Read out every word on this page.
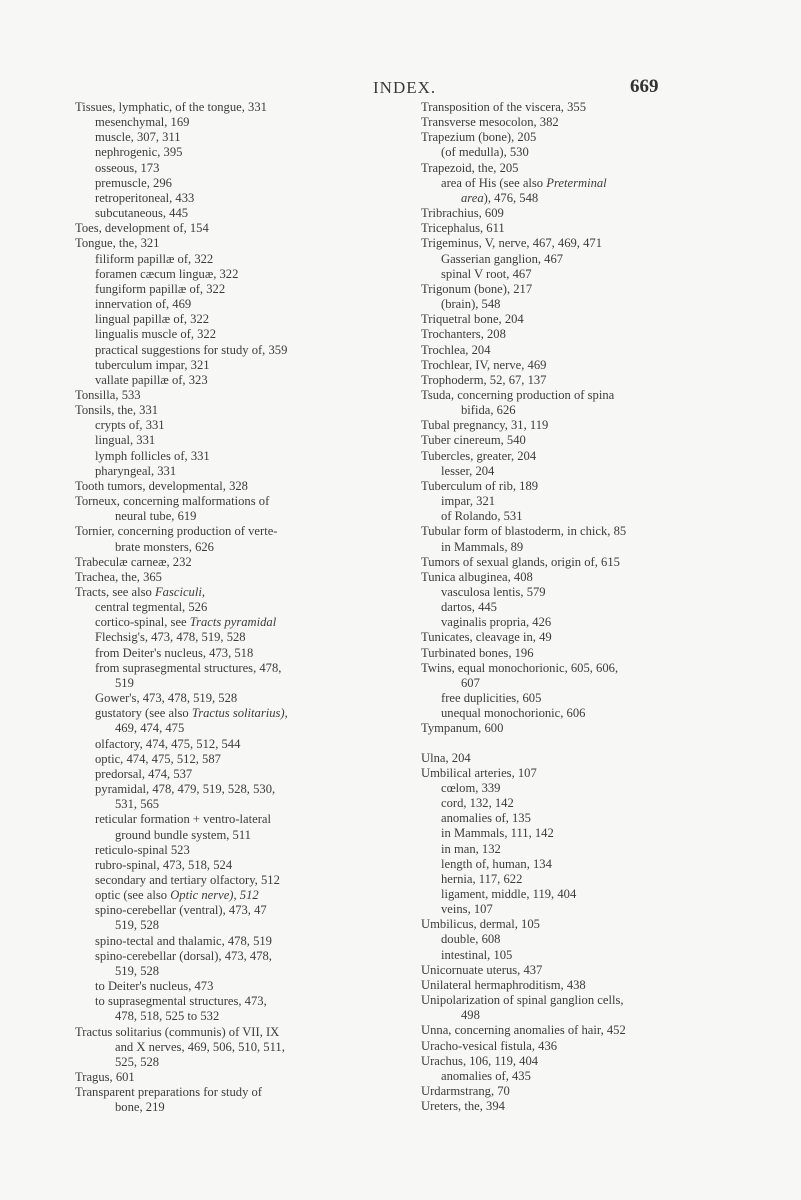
INDEX.	669
Tissues, lymphatic, of the tongue, 331
mesenchymal, 169
muscle, 307, 311
nephrogenic, 395
osseous, 173
premuscle, 296
retroperitoneal, 433
subcutaneous, 445
Toes, development of, 154
Tongue, the, 321
filiform papillæ of, 322
foramen cæcum linguæ, 322
fungiform papillæ of, 322
innervation of, 469
lingual papillæ of, 322
lingualis muscle of, 322
practical suggestions for study of, 359
tuberculum impar, 321
vallate papillæ of, 323
Tonsilla, 533
Tonsils, the, 331
crypts of, 331
lingual, 331
lymph follicles of, 331
pharyngeal, 331
Tooth tumors, developmental, 328
Torneux, concerning malformations of
neural tube, 619
Tornier, concerning production of verte-
brate monsters, 626
Trabeculæ carneæ, 232
Trachea, the, 365
Tracts, see also Fasciculi,
central tegmental, 526
cortico-spinal, see Tracts pyramidal
Flechsig's, 473, 478, 519, 528
from Deiter's nucleus, 473, 518
from suprasegmental structures, 478,
519
Gower's, 473, 478, 519, 528
gustatory (see also Tractus solitarius),
469, 474, 475
olfactory, 474, 475, 512, 544
optic, 474, 475, 512, 587
predorsal, 474, 537
pyramidal, 478, 479, 519, 528, 530,
531, 565
reticular formation + ventro-lateral
ground bundle system, 511
reticulo-spinal 523
rubro-spinal, 473, 518, 524
secondary and tertiary olfactory, 512
optic (see also Optic nerve), 512
spino-cerebellar (ventral), 473, 47
519, 528
spino-tectal and thalamic, 478, 519
spino-cerebellar (dorsal), 473, 478,
519, 528
to Deiter's nucleus, 473
to suprasegmental structures, 473,
478, 518, 525 to 532
Tractus solitarius (communis) of VII, IX
and X nerves, 469, 506, 510, 511,
525, 528
Tragus, 601
Transparent preparations for study of
bone, 219
Transposition of the viscera, 355
Transverse mesocolon, 382
Trapezium (bone), 205
(of medulla), 530
Trapezoid, the, 205
area of His (see also Preterminal
area), 476, 548
Tribrachius, 609
Tricephalus, 611
Trigeminus, V, nerve, 467, 469, 471
Gasserian ganglion, 467
spinal V root, 467
Trigonum (bone), 217
(brain), 548
Triquetral bone, 204
Trochanters, 208
Trochlea, 204
Trochlear, IV, nerve, 469
Trophoderm, 52, 67, 137
Tsuda, concerning production of spina
bifida, 626
Tubal pregnancy, 31, 119
Tuber cinereum, 540
Tubercles, greater, 204
lesser, 204
Tuberculum of rib, 189
impar, 321
of Rolando, 531
Tubular form of blastoderm, in chick, 85
in Mammals, 89
Tumors of sexual glands, origin of, 615
Tunica albuginea, 408
vasculosa lentis, 579
dartos, 445
vaginalis propria, 426
Tunicates, cleavage in, 49
Turbinated bones, 196
Twins, equal monochorionic, 605, 606,
607
free duplicities, 605
unequal monochorionic, 606
Tympanum, 600
Ulna, 204
Umbilical arteries, 107
cœlom, 339
cord, 132, 142
anomalies of, 135
in Mammals, 111, 142
in man, 132
length of, human, 134
hernia, 117, 622
ligament, middle, 119, 404
veins, 107
Umbilicus, dermal, 105
double, 608
intestinal, 105
Unicornuate uterus, 437
Unilateral hermaphroditism, 438
Unipolarization of spinal ganglion cells,
498
Unna, concerning anomalies of hair, 452
Uracho-vesical fistula, 436
Urachus, 106, 119, 404
anomalies of, 435
Urdarmstrang, 70
Ureters, the, 394
